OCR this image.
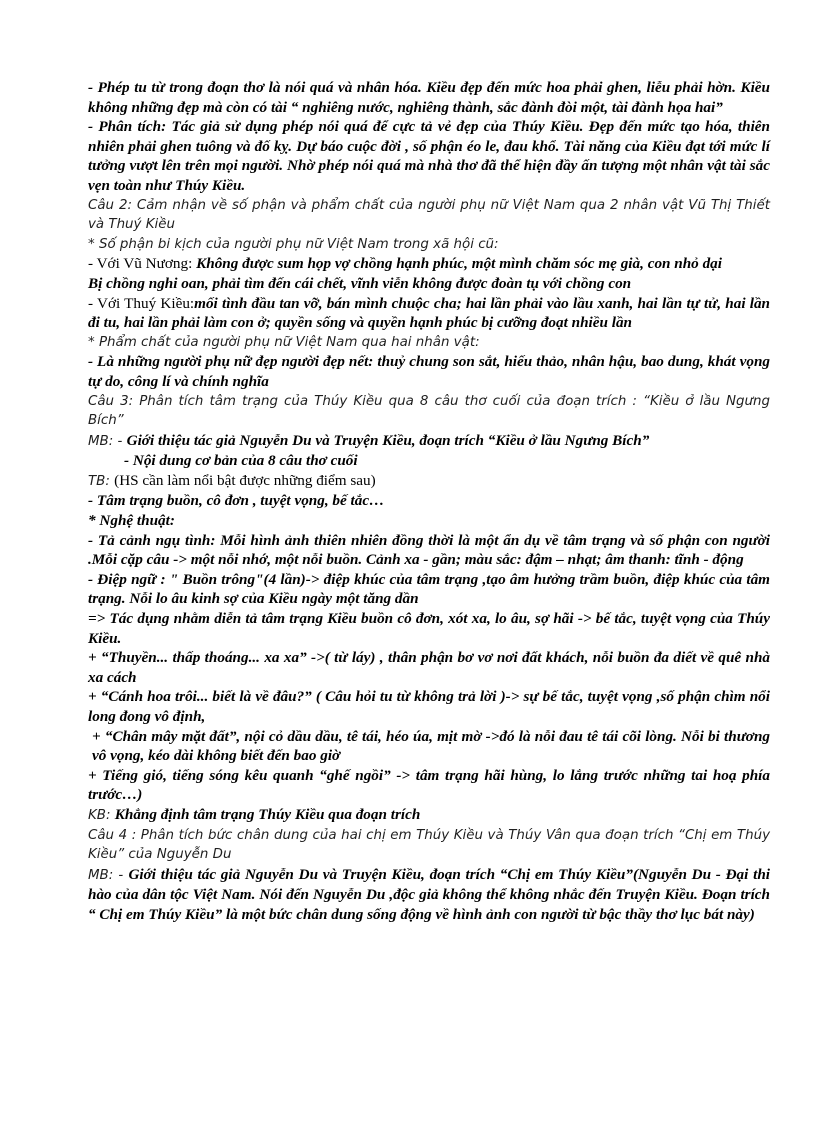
- Phép tu từ trong đoạn thơ là nói quá và nhân hóa. Kiều đẹp đến mức hoa phải ghen, liễu phải hờn. Kiều không những đẹp mà còn có tài “ nghiêng nước, nghiêng thành, sắc đành đòi một, tài đành họa hai”

- Phân tích: Tác giả sử dụng phép nói quá để cực tả vẻ đẹp của Thúy Kiều. Đẹp đến mức tạo hóa, thiên nhiên phải ghen tuông và đố kỵ. Dự báo cuộc đời , số phận éo le, đau khổ. Tài năng của Kiều đạt tới mức lí tưởng vượt lên trên mọi người. Nhờ phép nói quá mà nhà thơ đã thể hiện đầy ấn tượng một nhân vật tài sắc vẹn toàn như Thúy Kiều.

Câu 2: Cảm nhận về số phận và phẩm chất của người phụ nữ Việt Nam qua 2 nhân vật Vũ Thị Thiết và Thuý Kiều

* Số phận bi kịch của người phụ nữ Việt Nam trong xã hội cũ:

- Với Vũ Nương: Không được sum họp vợ chồng hạnh phúc, một mình chăm sóc mẹ già, con nhỏ dại

Bị chồng nghi oan, phải tìm đến cái chết, vĩnh viễn không được đoàn tụ với chồng con

- Với Thuý Kiều:mối tình đầu tan vỡ, bán mình chuộc cha; hai lần phải vào lầu xanh, hai lần tự tử, hai lần đi tu, hai lần phải làm con ở; quyền sống và quyền hạnh phúc bị cưỡng đoạt nhiều lần

* Phẩm chất của người phụ nữ Việt Nam qua hai nhân vật:

- Là những người phụ nữ đẹp người đẹp nết: thuỷ chung son sắt, hiếu thảo, nhân hậu, bao dung, khát vọng tự do, công lí và chính nghĩa

Câu 3: Phân tích tâm trạng của Thúy Kiều qua 8 câu thơ cuối của đoạn trích : “Kiều ở lầu Ngưng Bích”

MB: - Giới thiệu tác giả Nguyễn Du và Truyện Kiều, đoạn trích “Kiều ở lầu Ngưng Bích”

- Nội dung cơ bản của 8 câu thơ cuối

TB: (HS cần làm nổi bật được những điểm sau)

- Tâm trạng buồn, cô đơn , tuyệt vọng, bế tắc…

* Nghệ thuật:

- Tả cảnh ngụ tình: Mỗi hình ảnh thiên nhiên đồng thời là một ẩn dụ về tâm trạng và số phận con người .Mỗi cặp câu -> một nỗi nhớ, một nỗi buồn. Cảnh xa - gần; màu sắc: đậm – nhạt; âm thanh: tĩnh - động

- Điệp ngữ : " Buồn trông"(4 lần)-> điệp khúc của tâm trạng ,tạo âm hưởng trầm buồn, điệp khúc của tâm trạng. Nỗi lo âu kinh sợ của Kiều ngày một tăng dần

=> Tác dụng nhằm diễn tả tâm trạng Kiều buồn cô đơn, xót xa, lo âu, sợ hãi -> bế tắc, tuyệt vọng của Thúy Kiều.

+ “Thuyền... thấp thoáng... xa xa” ->( từ láy) , thân phận bơ vơ nơi đất khách, nỗi buồn đa diết về quê nhà xa cách

+ “Cánh hoa trôi... biết là về đâu?” ( Câu hỏi tu từ không trả lời )-> sự bế tắc, tuyệt vọng ,số phận chìm nổi long đong vô định,

+ “Chân mây mặt đất”, nội cỏ dầu dầu, tê tái, héo úa, mịt mờ ->đó là nỗi đau tê tái cõi lòng. Nỗi bi thương vô vọng, kéo dài không biết đến bao giờ

+ Tiếng gió, tiếng sóng kêu quanh “ghế ngồi” -> tâm trạng hãi hùng, lo lắng trước những tai hoạ phía trước…)

KB: Khẳng định tâm trạng Thúy Kiều qua đoạn trích

Câu 4 : Phân tích bức chân dung của hai chị em Thúy Kiều và Thúy Vân qua đoạn trích “Chị em Thúy Kiều” của Nguyễn Du

MB: - Giới thiệu tác giả Nguyễn Du và Truyện Kiều, đoạn trích “Chị em Thúy Kiều”(Nguyễn Du - Đại thi hào của dân tộc Việt Nam. Nói đến Nguyễn Du ,độc giả không thể không nhắc đến Truyện Kiều. Đoạn trích “ Chị em Thúy Kiều” là một bức chân dung sống động về hình ảnh con người từ bậc thầy thơ lục bát này)
